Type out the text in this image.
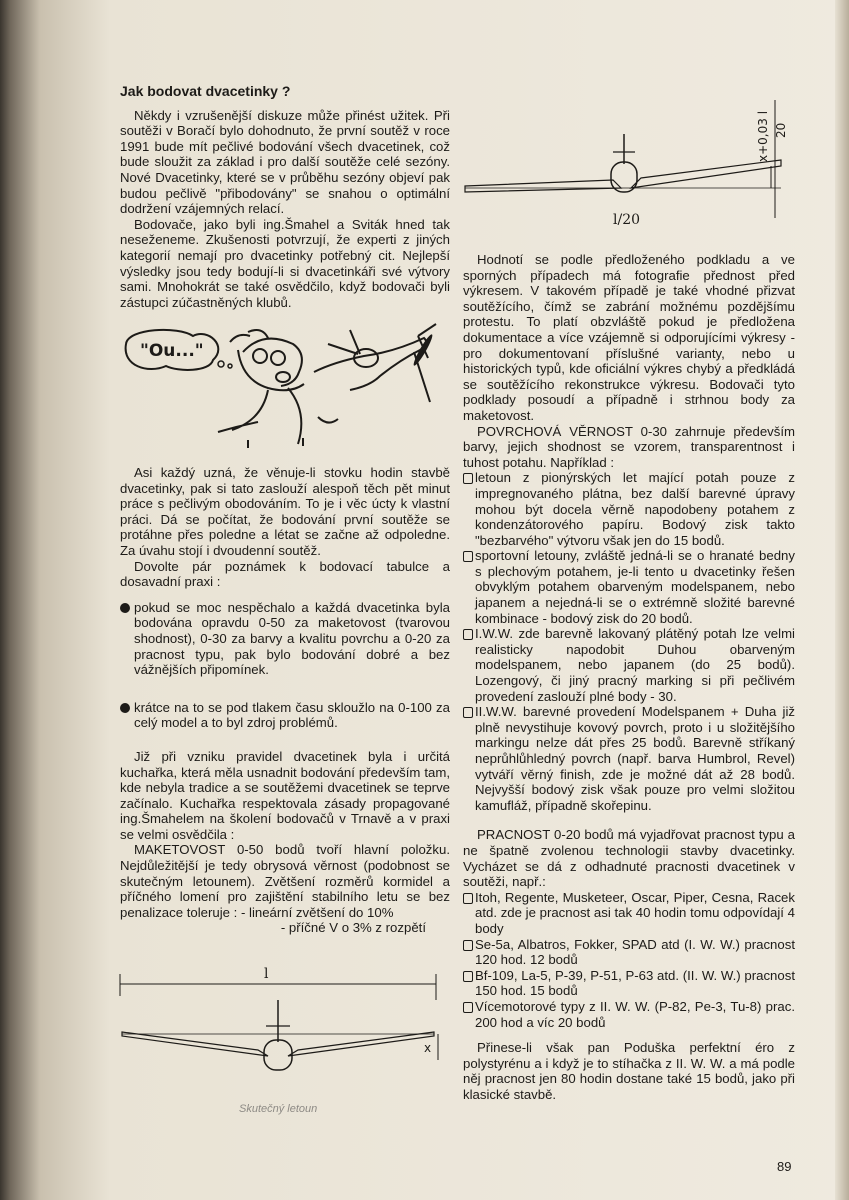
Jak bodovat dvacetinky ?

Někdy i vzrušenější diskuze může přinést užitek. Při soutěži v Boračí bylo dohodnuto, že první soutěž v roce 1991 bude mít pečlivé bodování všech dvacetinek, což bude sloužit za základ i pro další soutěže celé sezóny. Nové Dvacetinky, které se v průběhu sezóny objeví pak budou pečlivě "přibodovány" se snahou o optimální dodržení vzájemných relací.

Bodovače, jako byli ing.Šmahel a Sviták hned tak neseženeme. Zkušenosti potvrzují, že experti z jiných kategorií nemají pro dvacetinky potřebný cit. Nejlepší výsledky jsou tedy bodují-li si dvacetinkáři své výtvory sami. Mnohokrát se také osvědčilo, když bodovači byli zástupci zúčastněných klubů.

"Ou..."

Asi každý uzná, že věnuje-li stovku hodin stavbě dvacetinky, pak si tato zaslouží alespoň těch pět minut práce s pečlivým obodováním. To je i věc úcty k vlastní práci. Dá se počítat, že bodování první soutěže se protáhne přes poledne a létat se začne až odpoledne. Za úvahu stojí i dvoudenní soutěž.

Dovolte pár poznámek k bodovací tabulce a dosavadní praxi :

pokud se moc nespěchalo a každá dvacetinka byla bodována opravdu 0-50 za maketovost (tvarovou shodnost), 0-30 za barvy a kvalitu povrchu a 0-20 za pracnost typu, pak bylo bodování dobré a bez vážnějších připomínek.

krátce na to se pod tlakem času skloužlo na 0-100 za celý model a to byl zdroj problémů.

Již při vzniku pravidel dvacetinek byla i určitá kuchařka, která měla usnadnit bodování především tam, kde nebyla tradice a se soutěžemi dvacetinek se teprve začínalo. Kuchařka respektovala zásady propagované ing.Šmahelem na školení bodovačů v Trnavě a v praxi se velmi osvědčila :

MAKETOVOST 0-50 bodů tvoří hlavní položku. Nejdůležitější je tedy obrysová věrnost (podobnost se skutečným letounem). Zvětšení rozměrů kormidel a příčného lomení pro zajištění stabilního letu se bez penalizace toleruje : - lineární zvětšení do 10%

- příčné V o 3% z rozpětí

l
x
Skutečný letoun
x+0,03 l 20
l/20

Hodnotí se podle předloženého podkladu a ve sporných případech má fotografie přednost před výkresem. V takovém případě je také vhodné přizvat soutěžícího, čímž se zabrání možnému pozdějšímu protestu. To platí obzvláště pokud je předložena dokumentace a více vzájemně si odporujícími výkresy - pro dokumentovaní příslušné varianty, nebo u historických typů, kde oficiální výkres chybý a předkládá se soutěžícího rekonstrukce výkresu. Bodovači tyto podklady posoudí a případně i strhnou body za maketovost.

POVRCHOVÁ VĚRNOST 0-30 zahrnuje především barvy, jejich shodnost se vzorem, transparentnost i tuhost potahu. Například :

letoun z pionýrských let mající potah pouze z impregnovaného plátna, bez další barevné úpravy mohou být docela věrně napodobeny potahem z kondenzátorového papíru. Bodový zisk takto "bezbarvého" výtvoru však jen do 15 bodů.

sportovní letouny, zvláště jedná-li se o hranaté bedny s plechovým potahem, je-li tento u dvacetinky řešen obvyklým potahem obarveným modelspanem, nebo japanem a nejedná-li se o extrémně složité barevné kombinace - bodový zisk do 20 bodů.

I.W.W. zde barevně lakovaný plátěný potah lze velmi realisticky napodobit Duhou obarveným modelspanem, nebo japanem (do 25 bodů). Lozengový, či jiný pracný marking si při pečlivém provedení zaslouží plné body - 30.

II.W.W. barevné provedení Modelspanem + Duha již plně nevystihuje kovový povrch, proto i u složitějšího markingu nelze dát přes 25 bodů. Barevně stříkaný neprůhlůhledný povrch (např. barva Humbrol, Revel) vytváří věrný finish, zde je možné dát až 28 bodů. Nejvyšší bodový zisk však pouze pro velmi složitou kamufláž, případně skořepinu.

PRACNOST 0-20 bodů má vyjadřovat pracnost typu a ne špatně zvolenou technologii stavby dvacetinky. Vycházet se dá z odhadnuté pracnosti dvacetinek v soutěži, např.:

Itoh, Regente, Musketeer, Oscar, Piper, Cesna, Racek atd. zde je pracnost asi tak 40 hodin tomu odpovídají 4 body

Se-5a, Albatros, Fokker, SPAD atd (I. W. W.) pracnost 120 hod. 12 bodů

Bf-109, La-5, P-39, P-51, P-63 atd. (II. W. W.) pracnost 150 hod. 15 bodů

Vícemotorové typy z II. W. W. (P-82, Pe-3, Tu-8) prac. 200 hod a víc 20 bodů

Přinese-li však pan Poduška perfektní éro z polystyrénu a i když je to stíhačka z II. W. W. a má podle něj pracnost jen 80 hodin dostane také 15 bodů, jako při klasické stavbě.

89
